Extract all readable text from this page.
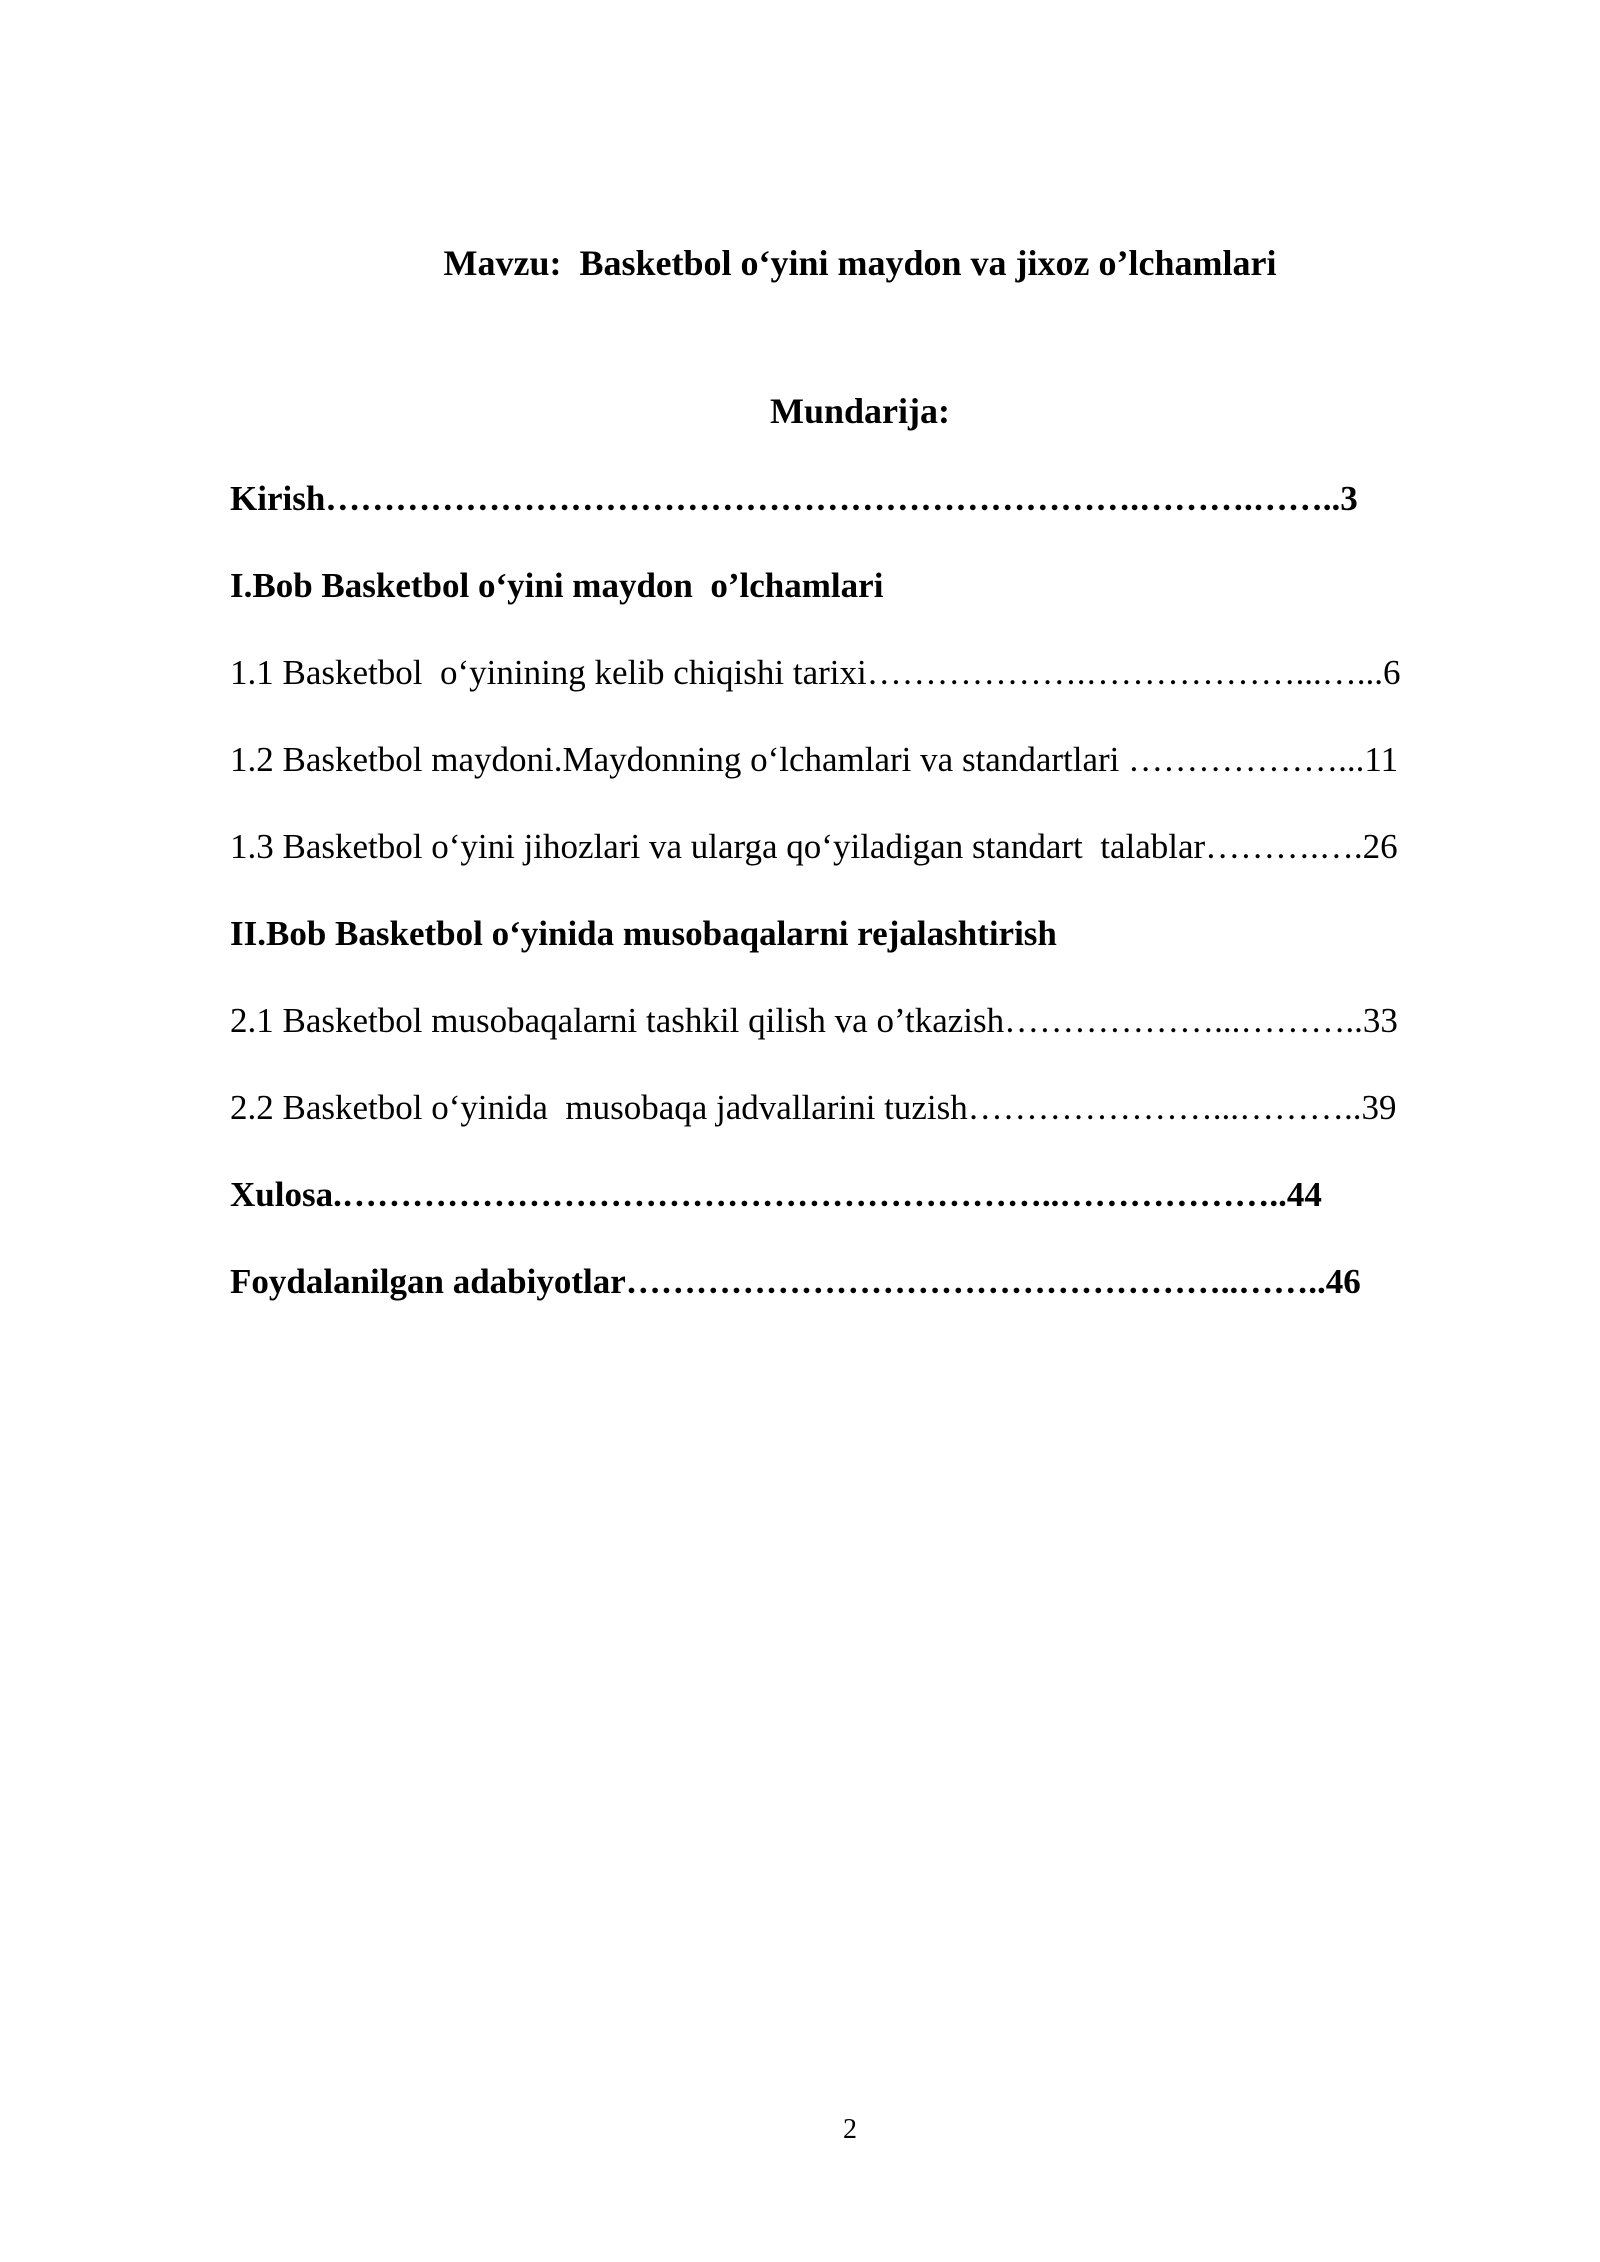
Mavzu:  Basketbol o‘yini maydon va jixoz o’lchamlari
Mundarija:
Kirish…………………………………………………………….……….……..3
I.Bob Basketbol o‘yini maydon  o’lchamlari
1.1 Basketbol  o‘yinining kelib chiqishi tarixi……………….………………...…...6
1.2 Basketbol maydoni.Maydonning o‘lchamlari va standartlari ………………...11
1.3 Basketbol o‘yini jihozlari va ularga qo‘yiladigan standart  talablar……….….26
II.Bob Basketbol o‘yinida musobaqalarni rejalashtirish
2.1 Basketbol musobaqalarni tashkil qilish va o’tkazish………………...………..33
2.2 Basketbol o‘yinida  musobaqa jadvallarini tuzish…………………...………..39
Xulosa.……………………………………………………..………………..44
Foydalanilgan adabiyotlar……………………………………………..……..46
2
